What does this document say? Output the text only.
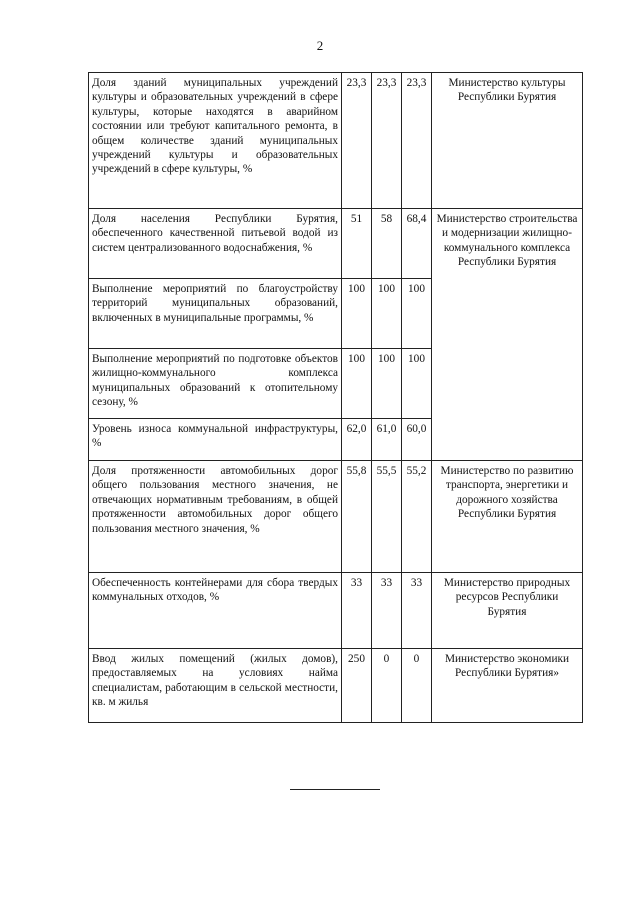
2
Доля зданий муниципальных учреждений культуры и образовательных учреждений в сфере культуры, которые находятся в аварийном состоянии или требуют капитального ремонта, в общем количестве зданий муниципальных учреждений культуры и образовательных учреждений в сфере культуры, %	23,3	23,3	23,3	Министерство культуры Республики Бурятия
Доля населения Республики Бурятия, обеспеченного качественной питьевой водой из систем централизованного водоснабжения, %	51	58	68,4	Министерство строительства и модернизации жилищно-коммунального комплекса Республики Бурятия
Выполнение мероприятий по благоустройству территорий муниципальных образований, включенных в муниципальные программы, %	100	100	100	
Выполнение мероприятий по подготовке объектов жилищно-коммунального комплекса муниципальных образований к отопительному сезону, %	100	100	100	
Уровень износа коммунальной инфраструктуры, %	62,0	61,0	60,0	
Доля протяженности автомобильных дорог общего пользования местного значения, не отвечающих нормативным требованиям, в общей протяженности автомобильных дорог общего пользования местного значения, %	55,8	55,5	55,2	Министерство по развитию транспорта, энергетики и дорожного хозяйства Республики Бурятия
Обеспеченность контейнерами для сбора твердых коммунальных отходов, %	33	33	33	Министерство природных ресурсов Республики Бурятия
Ввод жилых помещений (жилых домов), предоставляемых на условиях найма специалистам, работающим в сельской местности, кв. м жилья	250	0	0	Министерство экономики Республики Бурятия»
